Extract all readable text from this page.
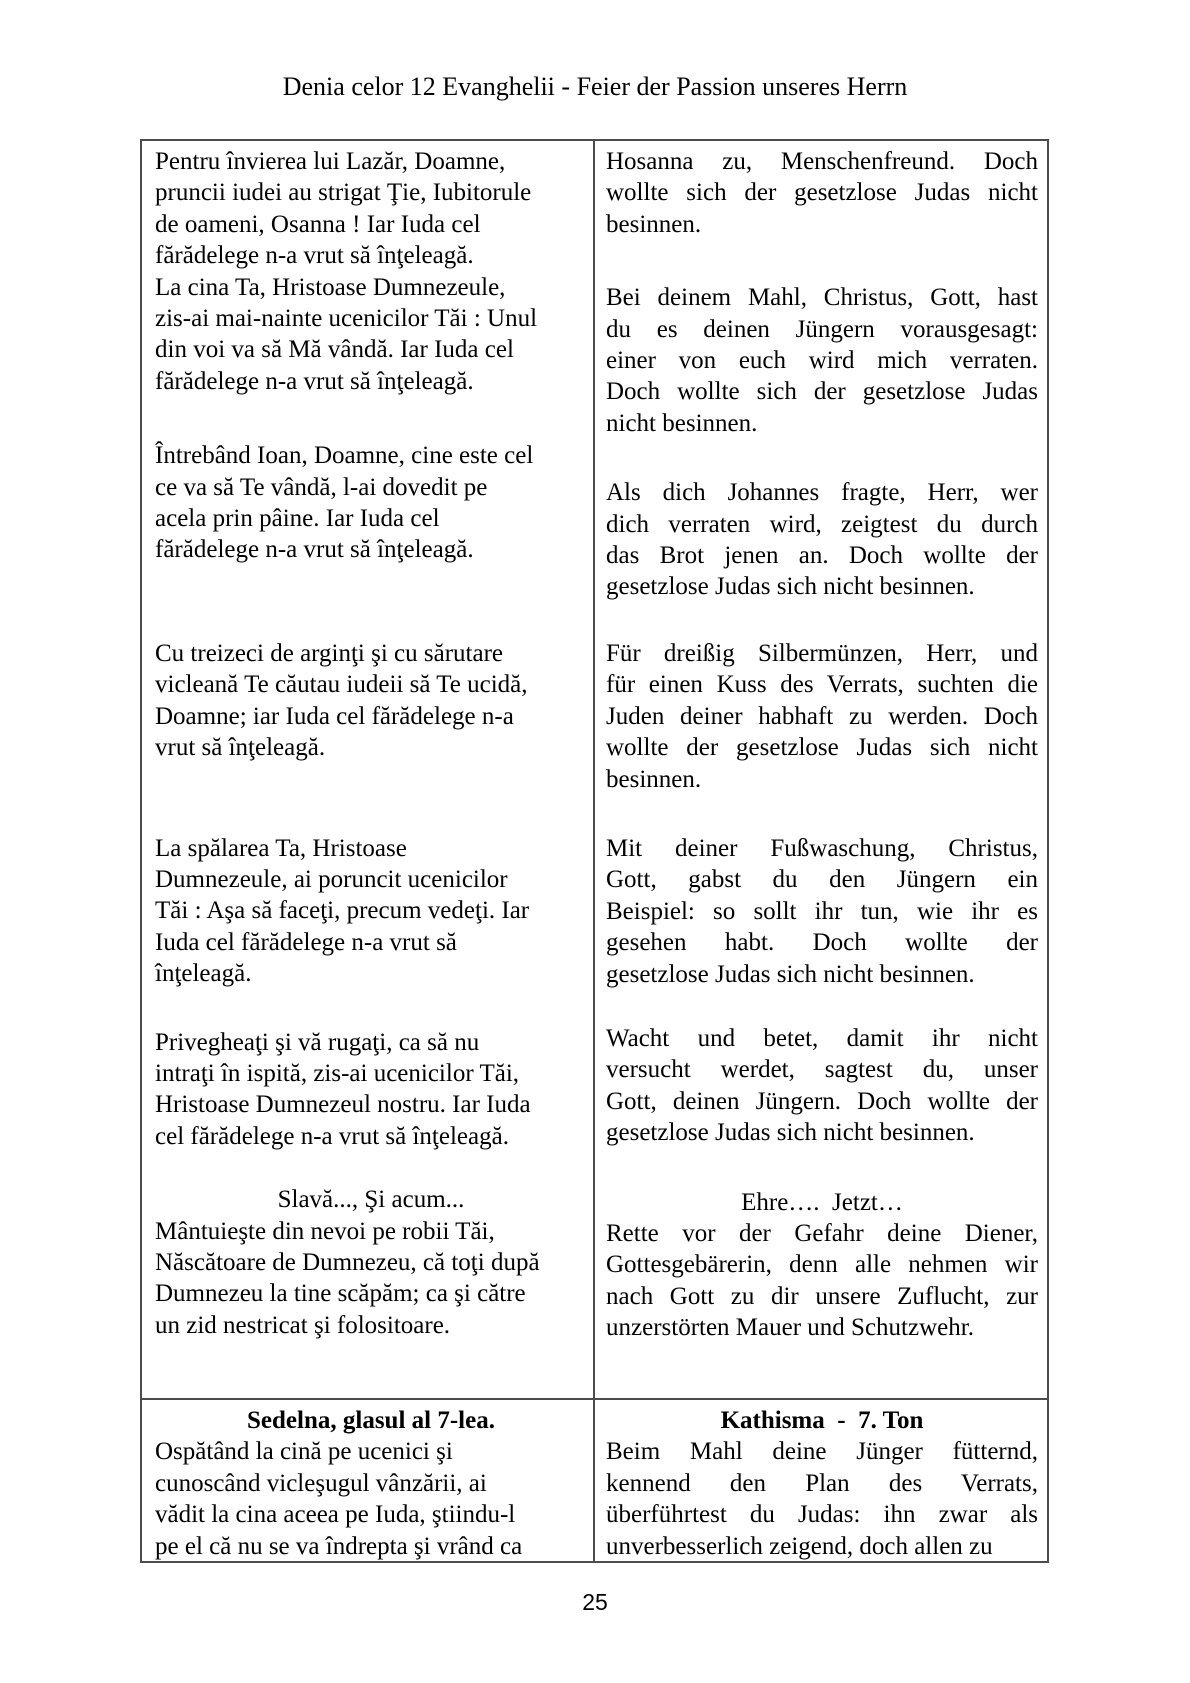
Denia celor 12 Evanghelii - Feier der Passion unseres Herrn
Pentru învierea lui Lazăr, Doamne,
pruncii iudei au strigat Ţie, Iubitorule
de oameni, Osanna ! Iar Iuda cel
fărădelege n-a vrut să înţeleagă.
La cina Ta, Hristoase Dumnezeule,
zis-ai mai-nainte ucenicilor Tăi : Unul
din voi va să Mă vândă. Iar Iuda cel
fărădelege n-a vrut să înţeleagă.
Întrebând Ioan, Doamne, cine este cel
ce va să Te vândă, l-ai dovedit pe
acela prin pâine. Iar Iuda cel
fărădelege n-a vrut să înţeleagă.
Cu treizeci de arginţi şi cu sărutare
vicleană Te căutau iudeii să Te ucidă,
Doamne; iar Iuda cel fărădelege n-a
vrut să înţeleagă.
La spălarea Ta, Hristoase
Dumnezeule, ai poruncit ucenicilor
Tăi : Aşa să faceţi, precum vedeţi. Iar
Iuda cel fărădelege n-a vrut să
înţeleagă.
Privegheaţi şi vă rugaţi, ca să nu
intraţi în ispită, zis-ai ucenicilor Tăi,
Hristoase Dumnezeul nostru. Iar Iuda
cel fărădelege n-a vrut să înţeleagă.
Slavă..., Şi acum...
Mântuieşte din nevoi pe robii Tăi,
Născătoare de Dumnezeu, că toţi după
Dumnezeu la tine scăpăm; ca şi către
un zid nestricat şi folositoare.
Hosanna zu, Menschenfreund. Doch
wollte sich der gesetzlose Judas nicht
besinnen.
Bei deinem Mahl, Christus, Gott, hast
du es deinen Jüngern vorausgesagt:
einer von euch wird mich verraten.
Doch wollte sich der gesetzlose Judas
nicht besinnen.
Als dich Johannes fragte, Herr, wer
dich verraten wird, zeigtest du durch
das Brot jenen an. Doch wollte der
gesetzlose Judas sich nicht besinnen.
Für dreißig Silbermünzen, Herr, und
für einen Kuss des Verrats, suchten die
Juden deiner habhaft zu werden. Doch
wollte der gesetzlose Judas sich nicht
besinnen.
Mit deiner Fußwaschung, Christus,
Gott, gabst du den Jüngern ein
Beispiel: so sollt ihr tun, wie ihr es
gesehen habt. Doch wollte der
gesetzlose Judas sich nicht besinnen.
Wacht und betet, damit ihr nicht
versucht werdet, sagtest du, unser
Gott, deinen Jüngern. Doch wollte der
gesetzlose Judas sich nicht besinnen.
Ehre….  Jetzt…
Rette vor der Gefahr deine Diener,
Gottesgebärerin, denn alle nehmen wir
nach Gott zu dir unsere Zuflucht, zur
unzerstörten Mauer und Schutzwehr.
Sedelna, glasul al 7-lea.
Ospătând la cină pe ucenici şi
cunoscând vicleşugul vânzării, ai
vădit la cina aceea pe Iuda, ştiindu-l
pe el că nu se va îndrepta şi vrând ca
Kathisma  -  7. Ton
Beim Mahl deine Jünger fütternd,
kennend den Plan des Verrats,
überführtest du Judas: ihn zwar als
unverbesserlich zeigend, doch allen zu
25
